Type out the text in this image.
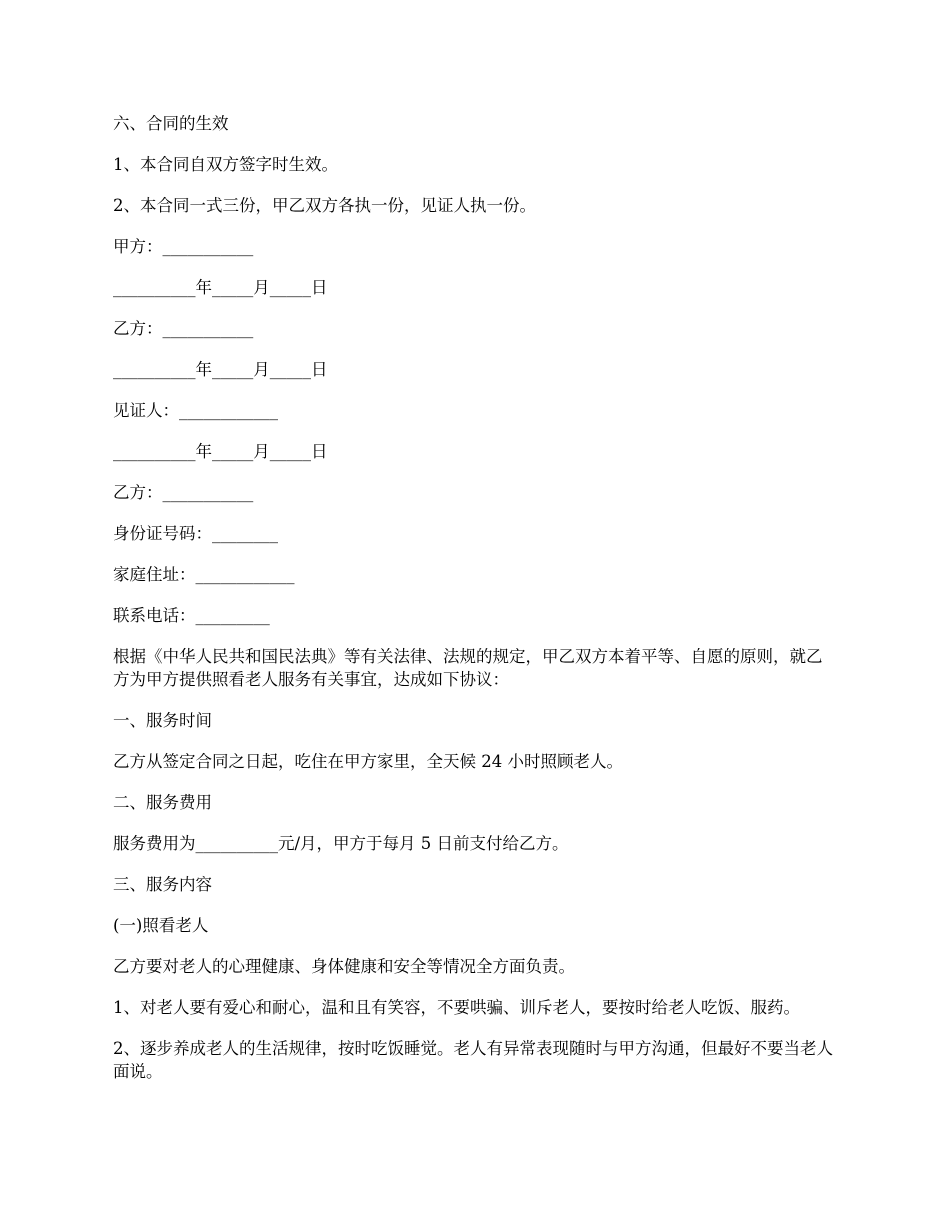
六、合同的生效

1、本合同自双方签字时生效。

2、本合同一式三份，甲乙双方各执一份，见证人执一份。

甲方：___________

__________年_____月_____日

乙方：___________

__________年_____月_____日

见证人：____________

__________年_____月_____日

乙方：___________

身份证号码：________

家庭住址：____________

联系电话：_________

根据《中华人民共和国民法典》等有关法律、法规的规定，甲乙双方本着平等、自愿的原则，就乙方为甲方提供照看老人服务有关事宜，达成如下协议：

一、服务时间

乙方从签定合同之日起，吃住在甲方家里，全天候 24 小时照顾老人。

二、服务费用

服务费用为__________元/月，甲方于每月 5 日前支付给乙方。

三、服务内容

(一)照看老人

乙方要对老人的心理健康、身体健康和安全等情况全方面负责。

1、对老人要有爱心和耐心，温和且有笑容，不要哄骗、训斥老人，要按时给老人吃饭、服药。

2、逐步养成老人的生活规律，按时吃饭睡觉。老人有异常表现随时与甲方沟通，但最好不要当老人面说。
